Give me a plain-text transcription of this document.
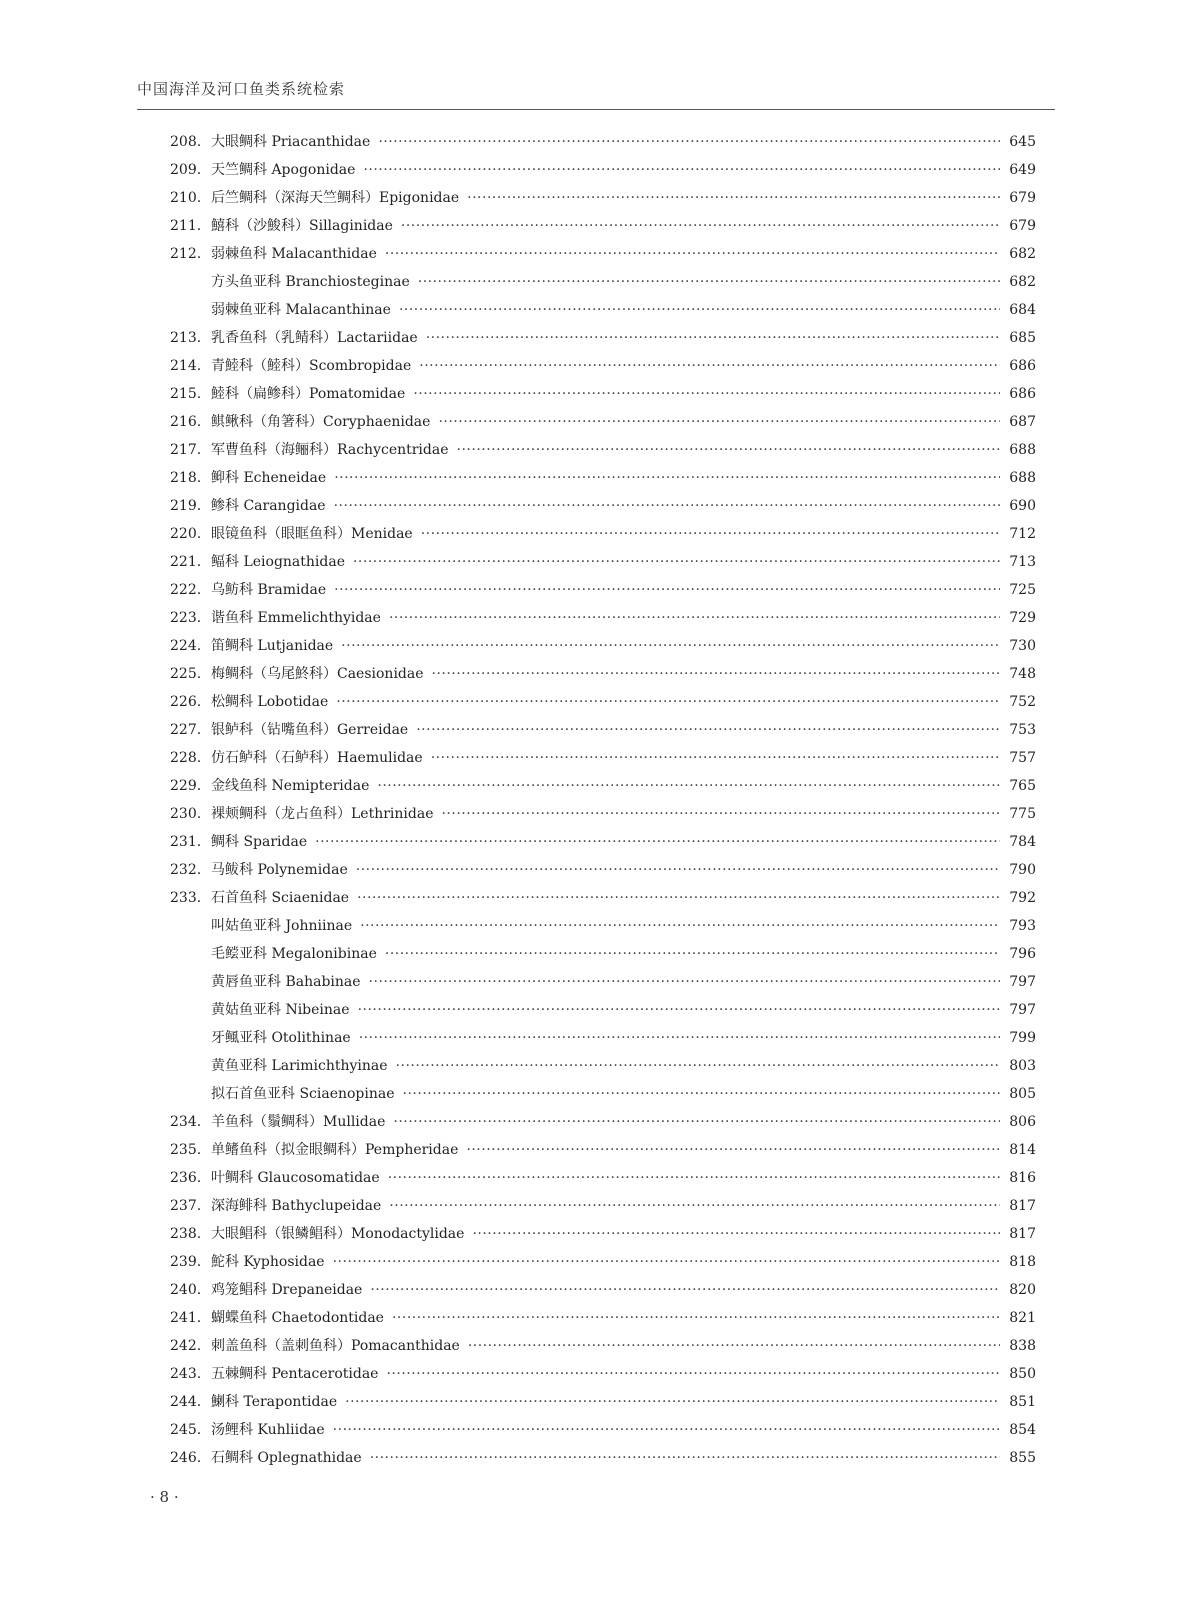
中国海洋及河口鱼类系统检索
208. 大眼鲷科 Priacanthidae ·····	645
209. 天竺鲷科 Apogonidae ·····	649
210. 后竺鲷科（深海天竺鲷科）Epigonidae ·····	679
211. 鱚科（沙鮻科）Sillaginidae ·····	679
212. 弱棘鱼科 Malacanthidae ·····	682
方头鱼亚科 Branchiosteginae ·····	682
弱棘鱼亚科 Malacanthinae ·····	684
213. 乳香鱼科（乳鲭科）Lactariidae ·····	685
214. 青鯥科（鯥科）Scombropidae ·····	686
215. 鯥科（扁鲹科）Pomatomidae ·····	686
216. 鲯鳅科（角箸科）Coryphaenidae ·····	687
217. 军曹鱼科（海鲡科）Rachycentridae ·····	688
218. 䲟科 Echeneidae ·····	688
219. 鲹科 Carangidae ·····	690
220. 眼镜鱼科（眼眶鱼科）Menidae ·····	712
221. 鲾科 Leiognathidae ·····	713
222. 乌鲂科 Bramidae ·····	725
223. 谐鱼科 Emmelichthyidae ·····	729
224. 笛鲷科 Lutjanidae ·····	730
225. 梅鲷科（乌尾鮗科）Caesionidae ·····	748
226. 松鲷科 Lobotidae ·····	752
227. 银鲈科（钻嘴鱼科）Gerreidae ·····	753
228. 仿石鲈科（石鲈科）Haemulidae ·····	757
229. 金线鱼科 Nemipteridae ·····	765
230. 裸颊鲷科（龙占鱼科）Lethrinidae ·····	775
231. 鲷科 Sparidae ·····	784
232. 马鲅科 Polynemidae ·····	790
233. 石首鱼科 Sciaenidae ·····	792
叫姑鱼亚科 Johniinae ·····	793
毛鲿亚科 Megalonibinae ·····	796
黄唇鱼亚科 Bahabinae ·····	797
黄姑鱼亚科 Nibeinae ·····	797
牙鲺亚科 Otolithinae ·····	799
黄鱼亚科 Larimichthyinae ·····	803
拟石首鱼亚科 Sciaenopinae ·····	805
234. 羊鱼科（鬚鲷科）Mullidae ·····	806
235. 单鳍鱼科（拟金眼鲷科）Pempheridae ·····	814
236. 叶鲷科 Glaucosomatidae ·····	816
237. 深海鲱科 Bathyclupeidae ·····	817
238. 大眼鲳科（银鳞鲳科）Monodactylidae ·····	817
239. 鮀科 Kyphosidae ·····	818
240. 鸡笼鲳科 Drepaneidae ·····	820
241. 蝴蝶鱼科 Chaetodontidae ·····	821
242. 刺盖鱼科（盖刺鱼科）Pomacanthidae ·····	838
243. 五棘鲷科 Pentacerotidae ·····	850
244. 鯻科 Terapontidae ·····	851
245. 汤鲤科 Kuhliidae ·····	854
246. 石鲷科 Oplegnathidae ·····	855
· 8 ·
